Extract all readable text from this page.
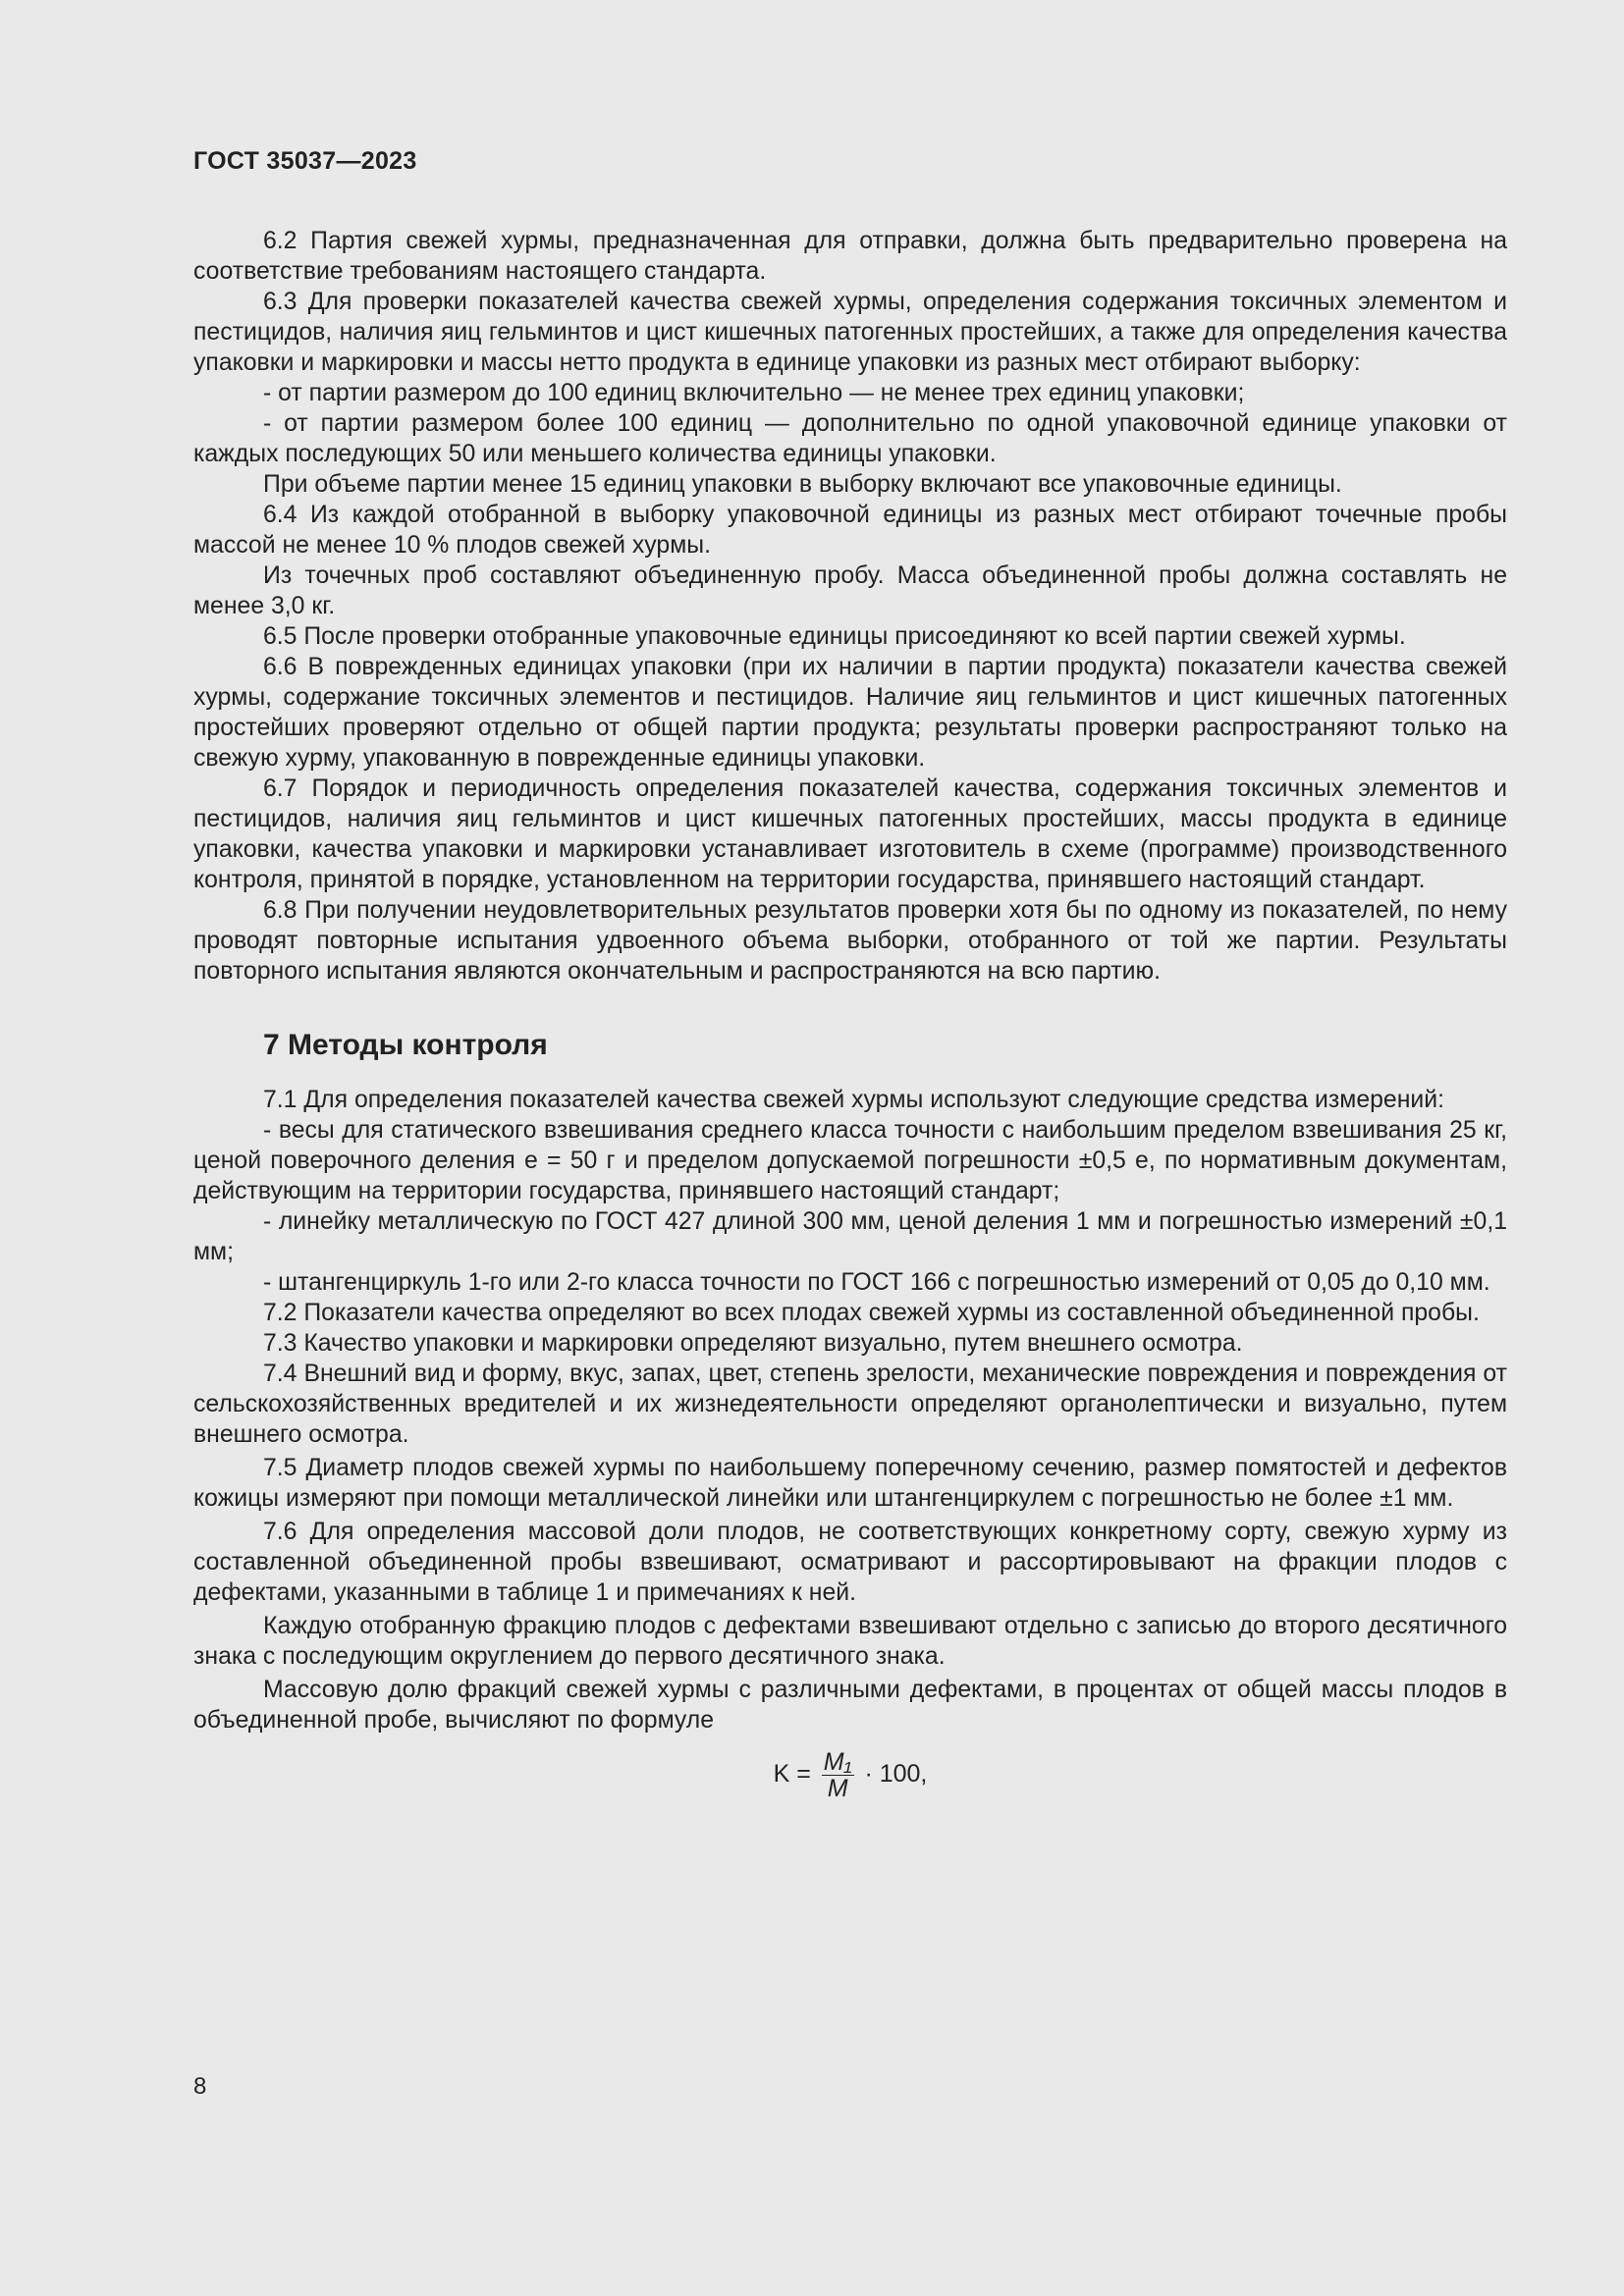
ГОСТ 35037—2023

6.2 Партия свежей хурмы, предназначенная для отправки, должна быть предварительно проверена на соответствие требованиям настоящего стандарта.

6.3 Для проверки показателей качества свежей хурмы, определения содержания токсичных элементом и пестицидов, наличия яиц гельминтов и цист кишечных патогенных простейших, а также для определения качества упаковки и маркировки и массы нетто продукта в единице упаковки из разных мест отбирают выборку:

- от партии размером до 100 единиц включительно — не менее трех единиц упаковки;

- от партии размером более 100 единиц — дополнительно по одной упаковочной единице упаковки от каждых последующих 50 или меньшего количества единицы упаковки.

При объеме партии менее 15 единиц упаковки в выборку включают все упаковочные единицы.

6.4 Из каждой отобранной в выборку упаковочной единицы из разных мест отбирают точечные пробы массой не менее 10 % плодов свежей хурмы.

Из точечных проб составляют объединенную пробу. Масса объединенной пробы должна составлять не менее 3,0 кг.

6.5 После проверки отобранные упаковочные единицы присоединяют ко всей партии свежей хурмы.

6.6 В поврежденных единицах упаковки (при их наличии в партии продукта) показатели качества свежей хурмы, содержание токсичных элементов и пестицидов. Наличие яиц гельминтов и цист кишечных патогенных простейших проверяют отдельно от общей партии продукта; результаты проверки распространяют только на свежую хурму, упакованную в поврежденные единицы упаковки.

6.7 Порядок и периодичность определения показателей качества, содержания токсичных элементов и пестицидов, наличия яиц гельминтов и цист кишечных патогенных простейших, массы продукта в единице упаковки, качества упаковки и маркировки устанавливает изготовитель в схеме (программе) производственного контроля, принятой в порядке, установленном на территории государства, принявшего настоящий стандарт.

6.8 При получении неудовлетворительных результатов проверки хотя бы по одному из показателей, по нему проводят повторные испытания удвоенного объема выборки, отобранного от той же партии. Результаты повторного испытания являются окончательным и распространяются на всю партию.

7 Методы контроля

7.1 Для определения показателей качества свежей хурмы используют следующие средства измерений:

- весы для статического взвешивания среднего класса точности с наибольшим пределом взвешивания 25 кг, ценой поверочного деления е = 50 г и пределом допускаемой погрешности ±0,5 е, по нормативным документам, действующим на территории государства, принявшего настоящий стандарт;

- линейку металлическую по ГОСТ 427 длиной 300 мм, ценой деления 1 мм и погрешностью измерений ±0,1 мм;

- штангенциркуль 1-го или 2-го класса точности по ГОСТ 166 с погрешностью измерений от 0,05 до 0,10 мм.

7.2 Показатели качества определяют во всех плодах свежей хурмы из составленной объединенной пробы.

7.3 Качество упаковки и маркировки определяют визуально, путем внешнего осмотра.

7.4 Внешний вид и форму, вкус, запах, цвет, степень зрелости, механические повреждения и повреждения от сельскохозяйственных вредителей и их жизнедеятельности определяют органолептически и визуально, путем внешнего осмотра.

7.5 Диаметр плодов свежей хурмы по наибольшему поперечному сечению, размер помятостей и дефектов кожицы измеряют при помощи металлической линейки или штангенциркулем с погрешностью не более ±1 мм.

7.6 Для определения массовой доли плодов, не соответствующих конкретному сорту, свежую хурму из составленной объединенной пробы взвешивают, осматривают и рассортировывают на фракции плодов с дефектами, указанными в таблице 1 и примечаниях к ней.

Каждую отобранную фракцию плодов с дефектами взвешивают отдельно с записью до второго десятичного знака с последующим округлением до первого десятичного знака.

Массовую долю фракций свежей хурмы с различными дефектами, в процентах от общей массы плодов в объединенной пробе, вычисляют по формуле

$K = \frac{\text{M₁}}{M} \cdot 100$,
8
